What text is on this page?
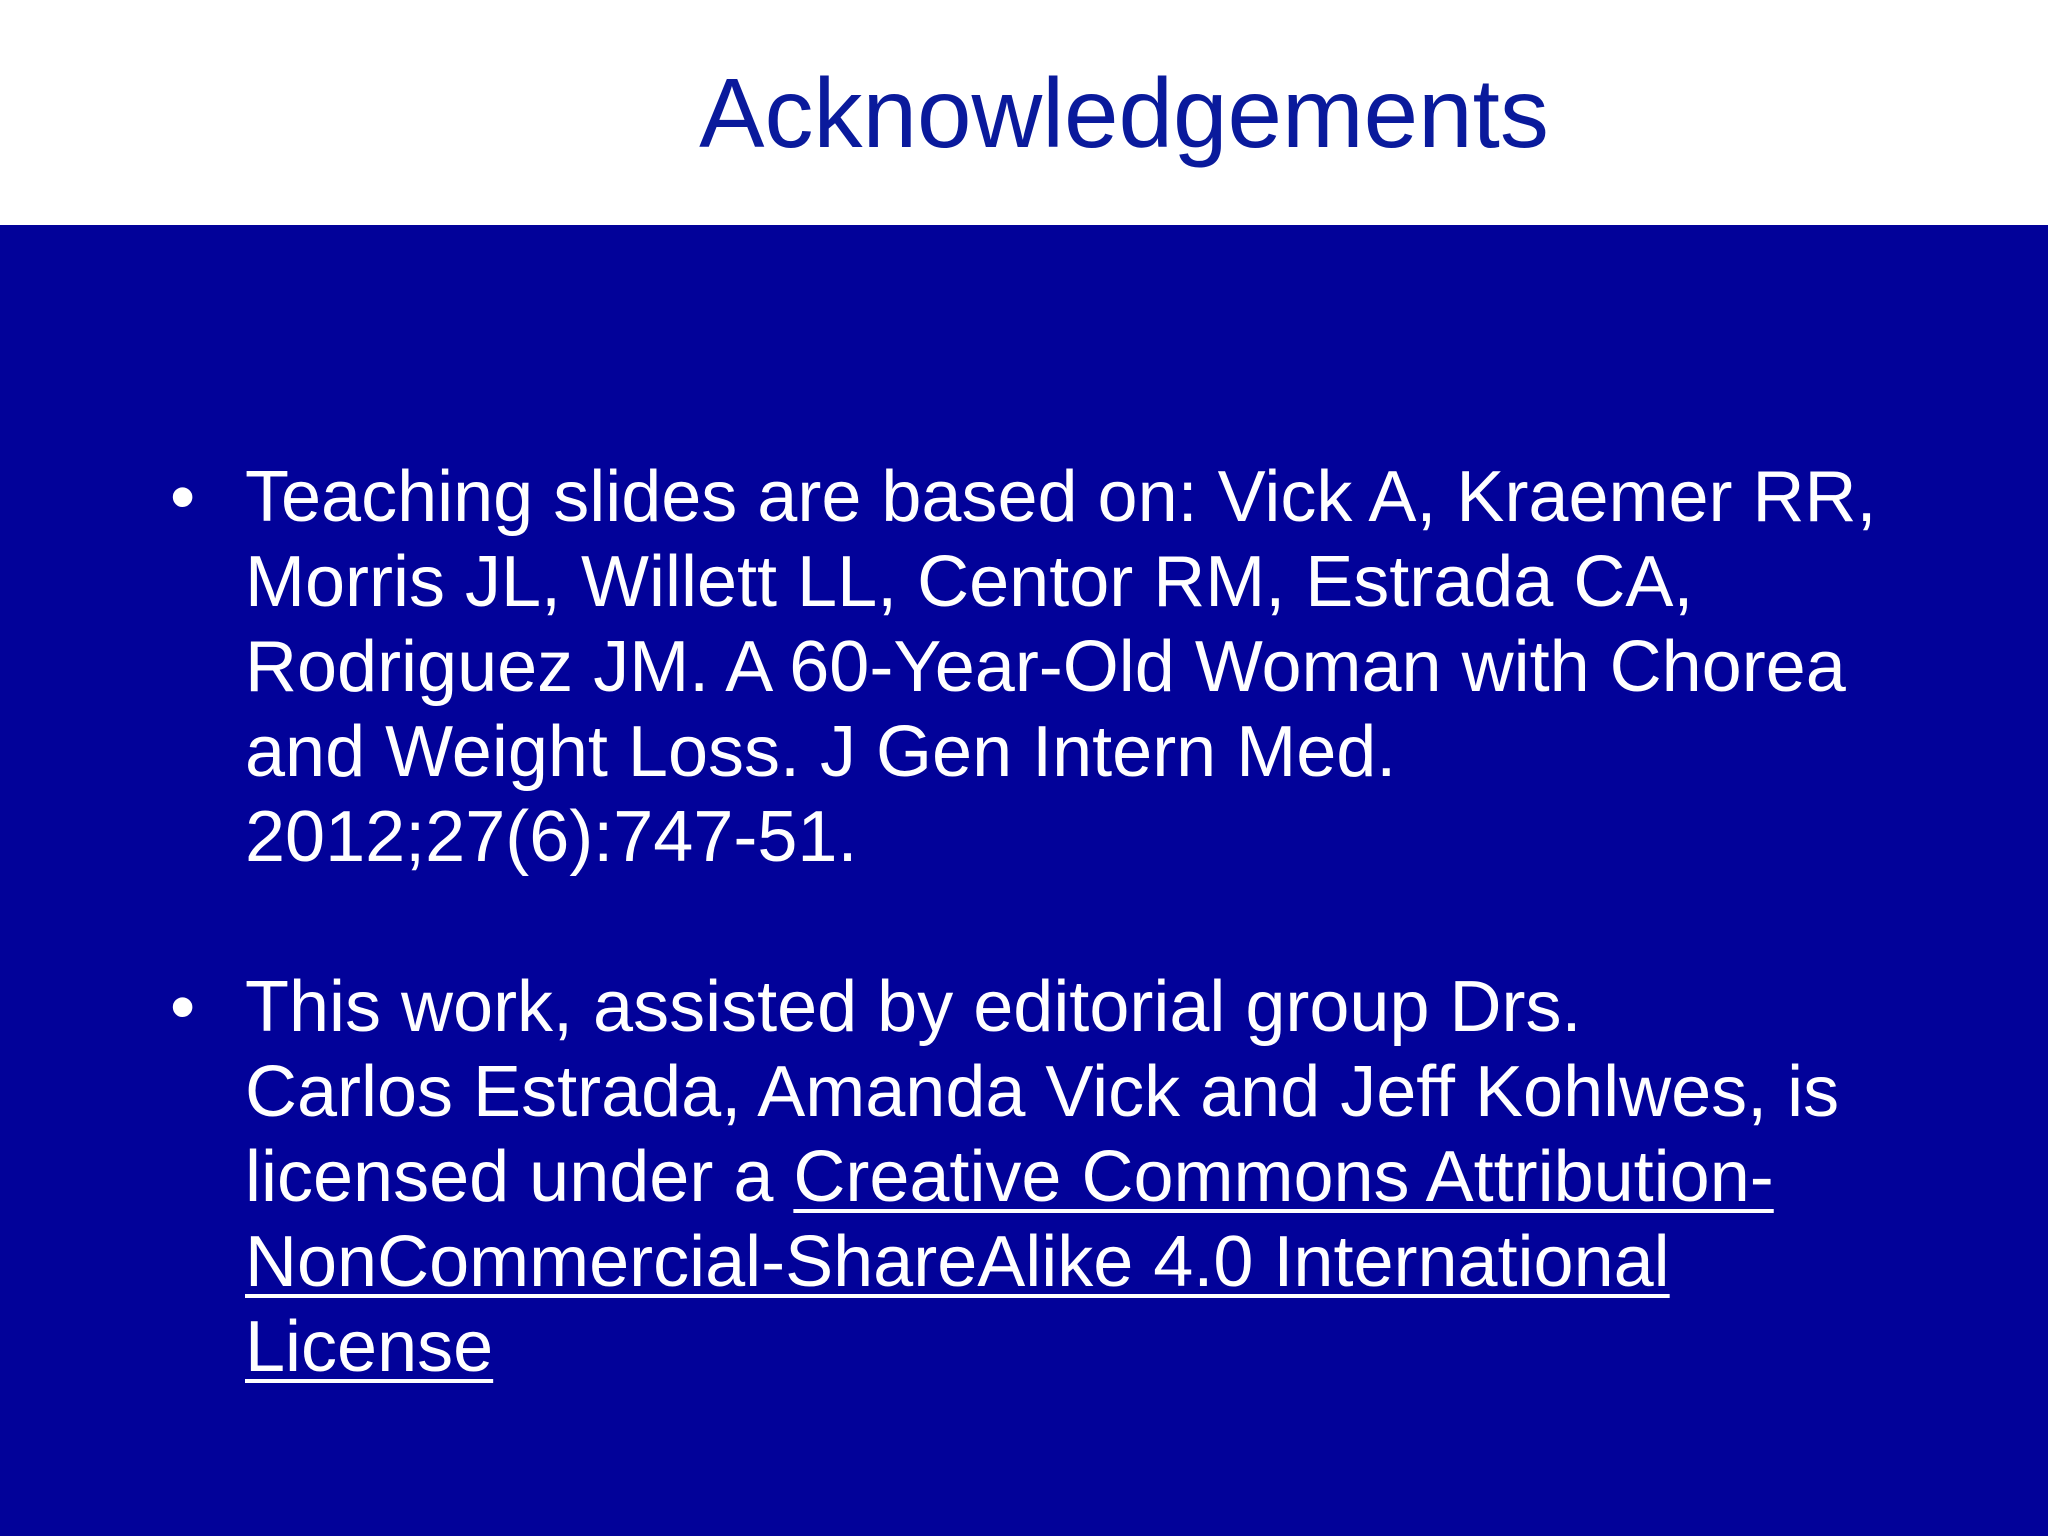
Acknowledgements
• Teaching slides are based on: Vick A, Kraemer RR,
Morris JL, Willett LL, Centor RM, Estrada CA,
Rodriguez JM. A 60-Year-Old Woman with Chorea
and Weight Loss. J Gen Intern Med.
2012;27(6):747-51.
• This work, assisted by editorial group Drs.
Carlos Estrada, Amanda Vick and Jeff Kohlwes, is
licensed under a Creative Commons Attribution-
NonCommercial-ShareAlike 4.0 International
License
